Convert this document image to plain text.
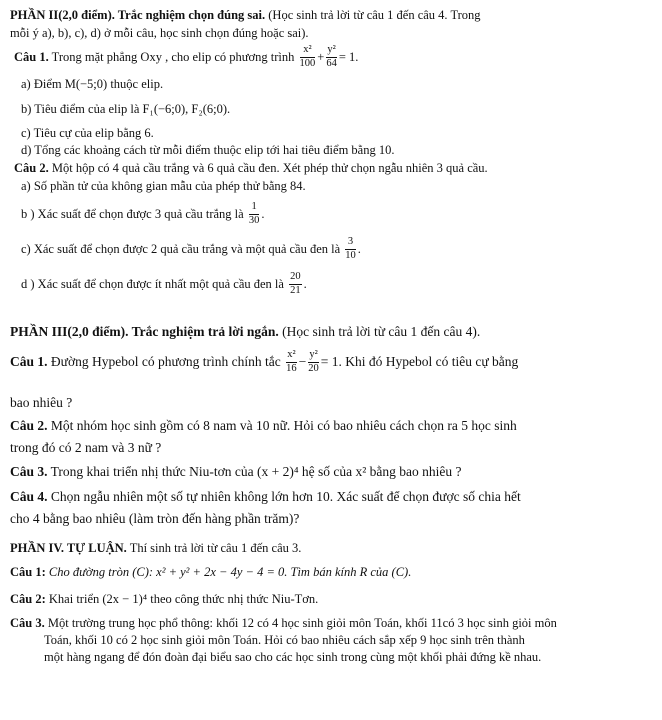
PHẦN II(2,0 điểm). Trắc nghiệm chọn đúng sai. (Học sinh trả lời từ câu 1 đến câu 4. Trong
mỗi ý a), b), c), d) ở mỗi câu, học sinh chọn đúng hoặc sai).
Câu 1. Trong mặt phẳng Oxy , cho elip có phương trình $\frac{\text{x²}}{100} + \frac{\text{y²}}{64} = 1$.
a) Điểm M(−5;0) thuộc elip.
b) Tiêu điểm của elip là F₁(−6;0), F₂(6;0).
c) Tiêu cự của elip bằng 6.
d) Tổng các khoảng cách từ mỗi điểm thuộc elip tới hai tiêu điểm bằng 10.
Câu 2. Một hộp có 4 quả cầu trắng và 6 quả cầu đen. Xét phép thử chọn ngẫu nhiên 3 quả cầu.
a) Số phần tử của không gian mẫu của phép thử bằng 84.
b ) Xác suất để chọn được 3 quả cầu trắng là $\frac{1}{30}$ .
c) Xác suất để chọn được 2 quả cầu trắng và một quả cầu đen là $\frac{3}{10}$ .
d ) Xác suất để chọn được ít nhất một quả cầu đen là $\frac{20}{21}$ .
PHẦN III(2,0 điểm). Trắc nghiệm trả lời ngắn. (Học sinh trả lời từ câu 1 đến câu 4).
Câu 1. Đường Hypebol có phương trình chính tắc $\frac{\text{x²}}{16} - \frac{\text{y²}}{20} = 1$. Khi đó Hypebol có tiêu cự bằng
bao nhiêu ?
Câu 2. Một nhóm học sinh gồm có 8 nam và 10 nữ. Hỏi có bao nhiêu cách chọn ra 5 học sinh
trong đó có 2 nam và 3 nữ ?
Câu 3. Trong khai triển nhị thức Niu-tơn của (x + 2)⁴ hệ số của x² bằng bao nhiêu ?
Câu 4. Chọn ngẫu nhiên một số tự nhiên không lớn hơn 10. Xác suất để chọn được số chia hết
cho 4 bằng bao nhiêu (làm tròn đến hàng phần trăm)?
PHẦN IV. TỰ LUẬN. Thí sinh trả lời từ câu 1 đến câu 3.
Câu 1: Cho đường tròn (C): x² + y² + 2x − 4y − 4 = 0. Tìm bán kính R của (C).
Câu 2: Khai triển (2x − 1)⁴ theo công thức nhị thức Niu-Tơn.
Câu 3. Một trường trung học phổ thông: khối 12 có 4 học sinh giỏi môn Toán, khối 11có 3 học sinh giỏi môn
Toán, khối 10 có 2 học sinh giỏi môn Toán. Hỏi có bao nhiêu cách sắp xếp 9 học sinh trên thành
một hàng ngang để đón đoàn đại biểu sao cho các học sinh trong cùng một khối phải đứng kề nhau.
